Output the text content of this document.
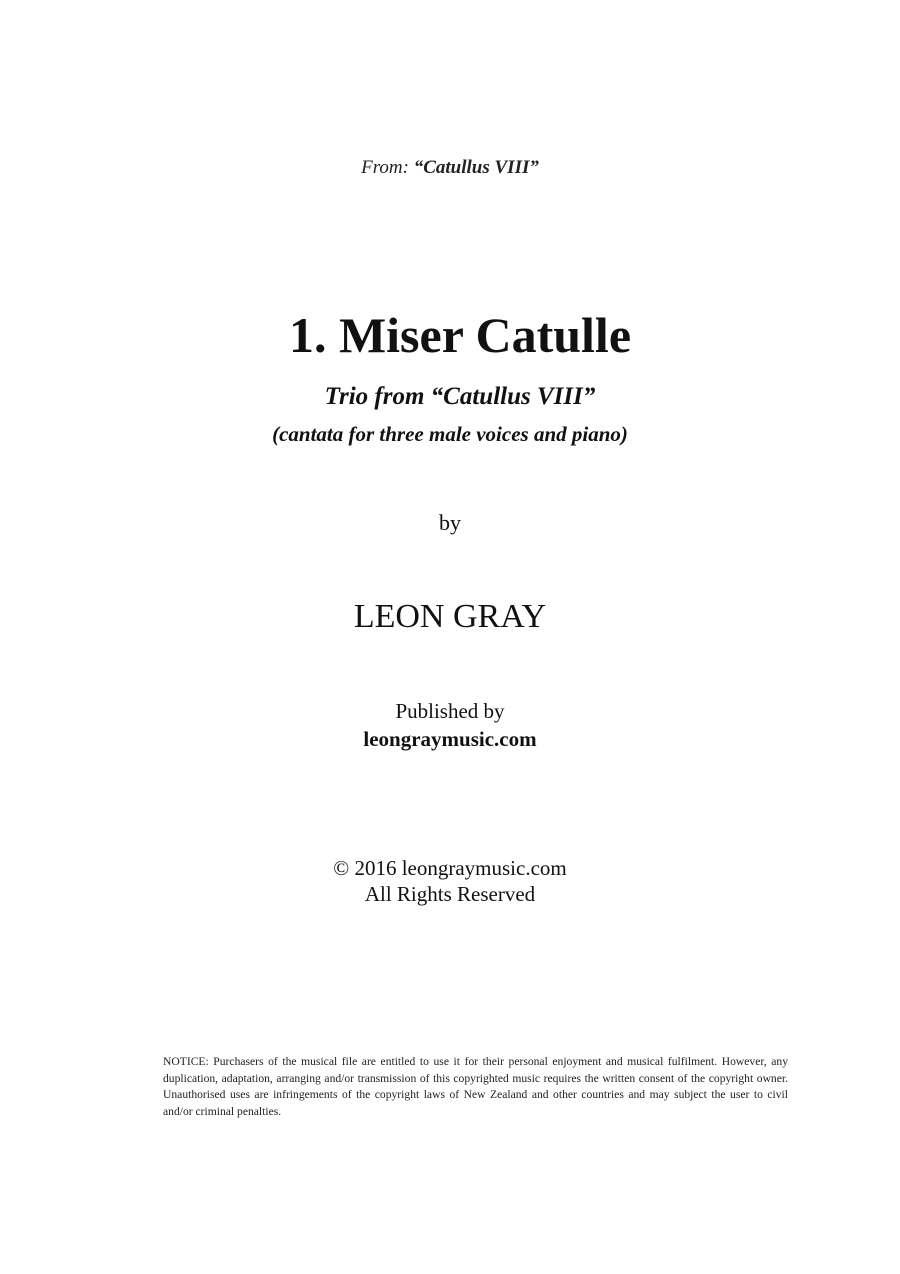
From: “Catullus VIII”
1. Miser Catulle
Trio from “Catullus VIII”
(cantata for three male voices and piano)
by
LEON GRAY
Published by
leongraymusic.com
© 2016 leongraymusic.com
All Rights Reserved
NOTICE: Purchasers of the musical file are entitled to use it for their personal enjoyment and musical fulfilment. However, any duplication, adaptation, arranging and/or transmission of this copyrighted music requires the written consent of the copyright owner. Unauthorised uses are infringements of the copyright laws of New Zealand and other countries and may subject the user to civil and/or criminal penalties.
